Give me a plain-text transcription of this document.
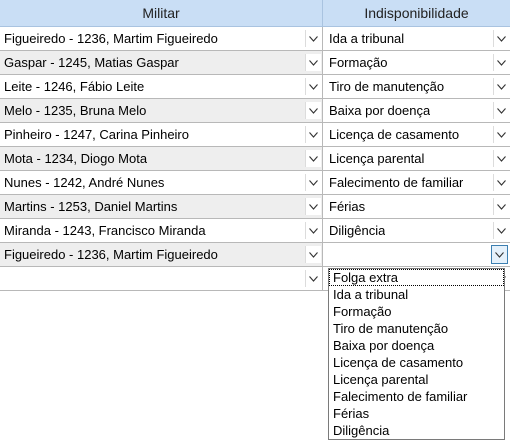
Militar	Indisponibilidade
Figueiredo - 1236, Martim Figueiredo	Ida a tribunal
Gaspar - 1245, Matias Gaspar	Formação
Leite - 1246, Fábio Leite	Tiro de manutenção
Melo - 1235, Bruna Melo	Baixa por doença
Pinheiro - 1247, Carina Pinheiro	Licença de casamento
Mota - 1234, Diogo Mota	Licença parental
Nunes - 1242, André Nunes	Falecimento de familiar
Martins - 1253, Daniel Martins	Férias
Miranda - 1243, Francisco Miranda	Diligência
Figueiredo - 1236, Martim Figueiredo
Folga extra
Ida a tribunal
Formação
Tiro de manutenção
Baixa por doença
Licença de casamento
Licença parental
Falecimento de familiar
Férias
Diligência
